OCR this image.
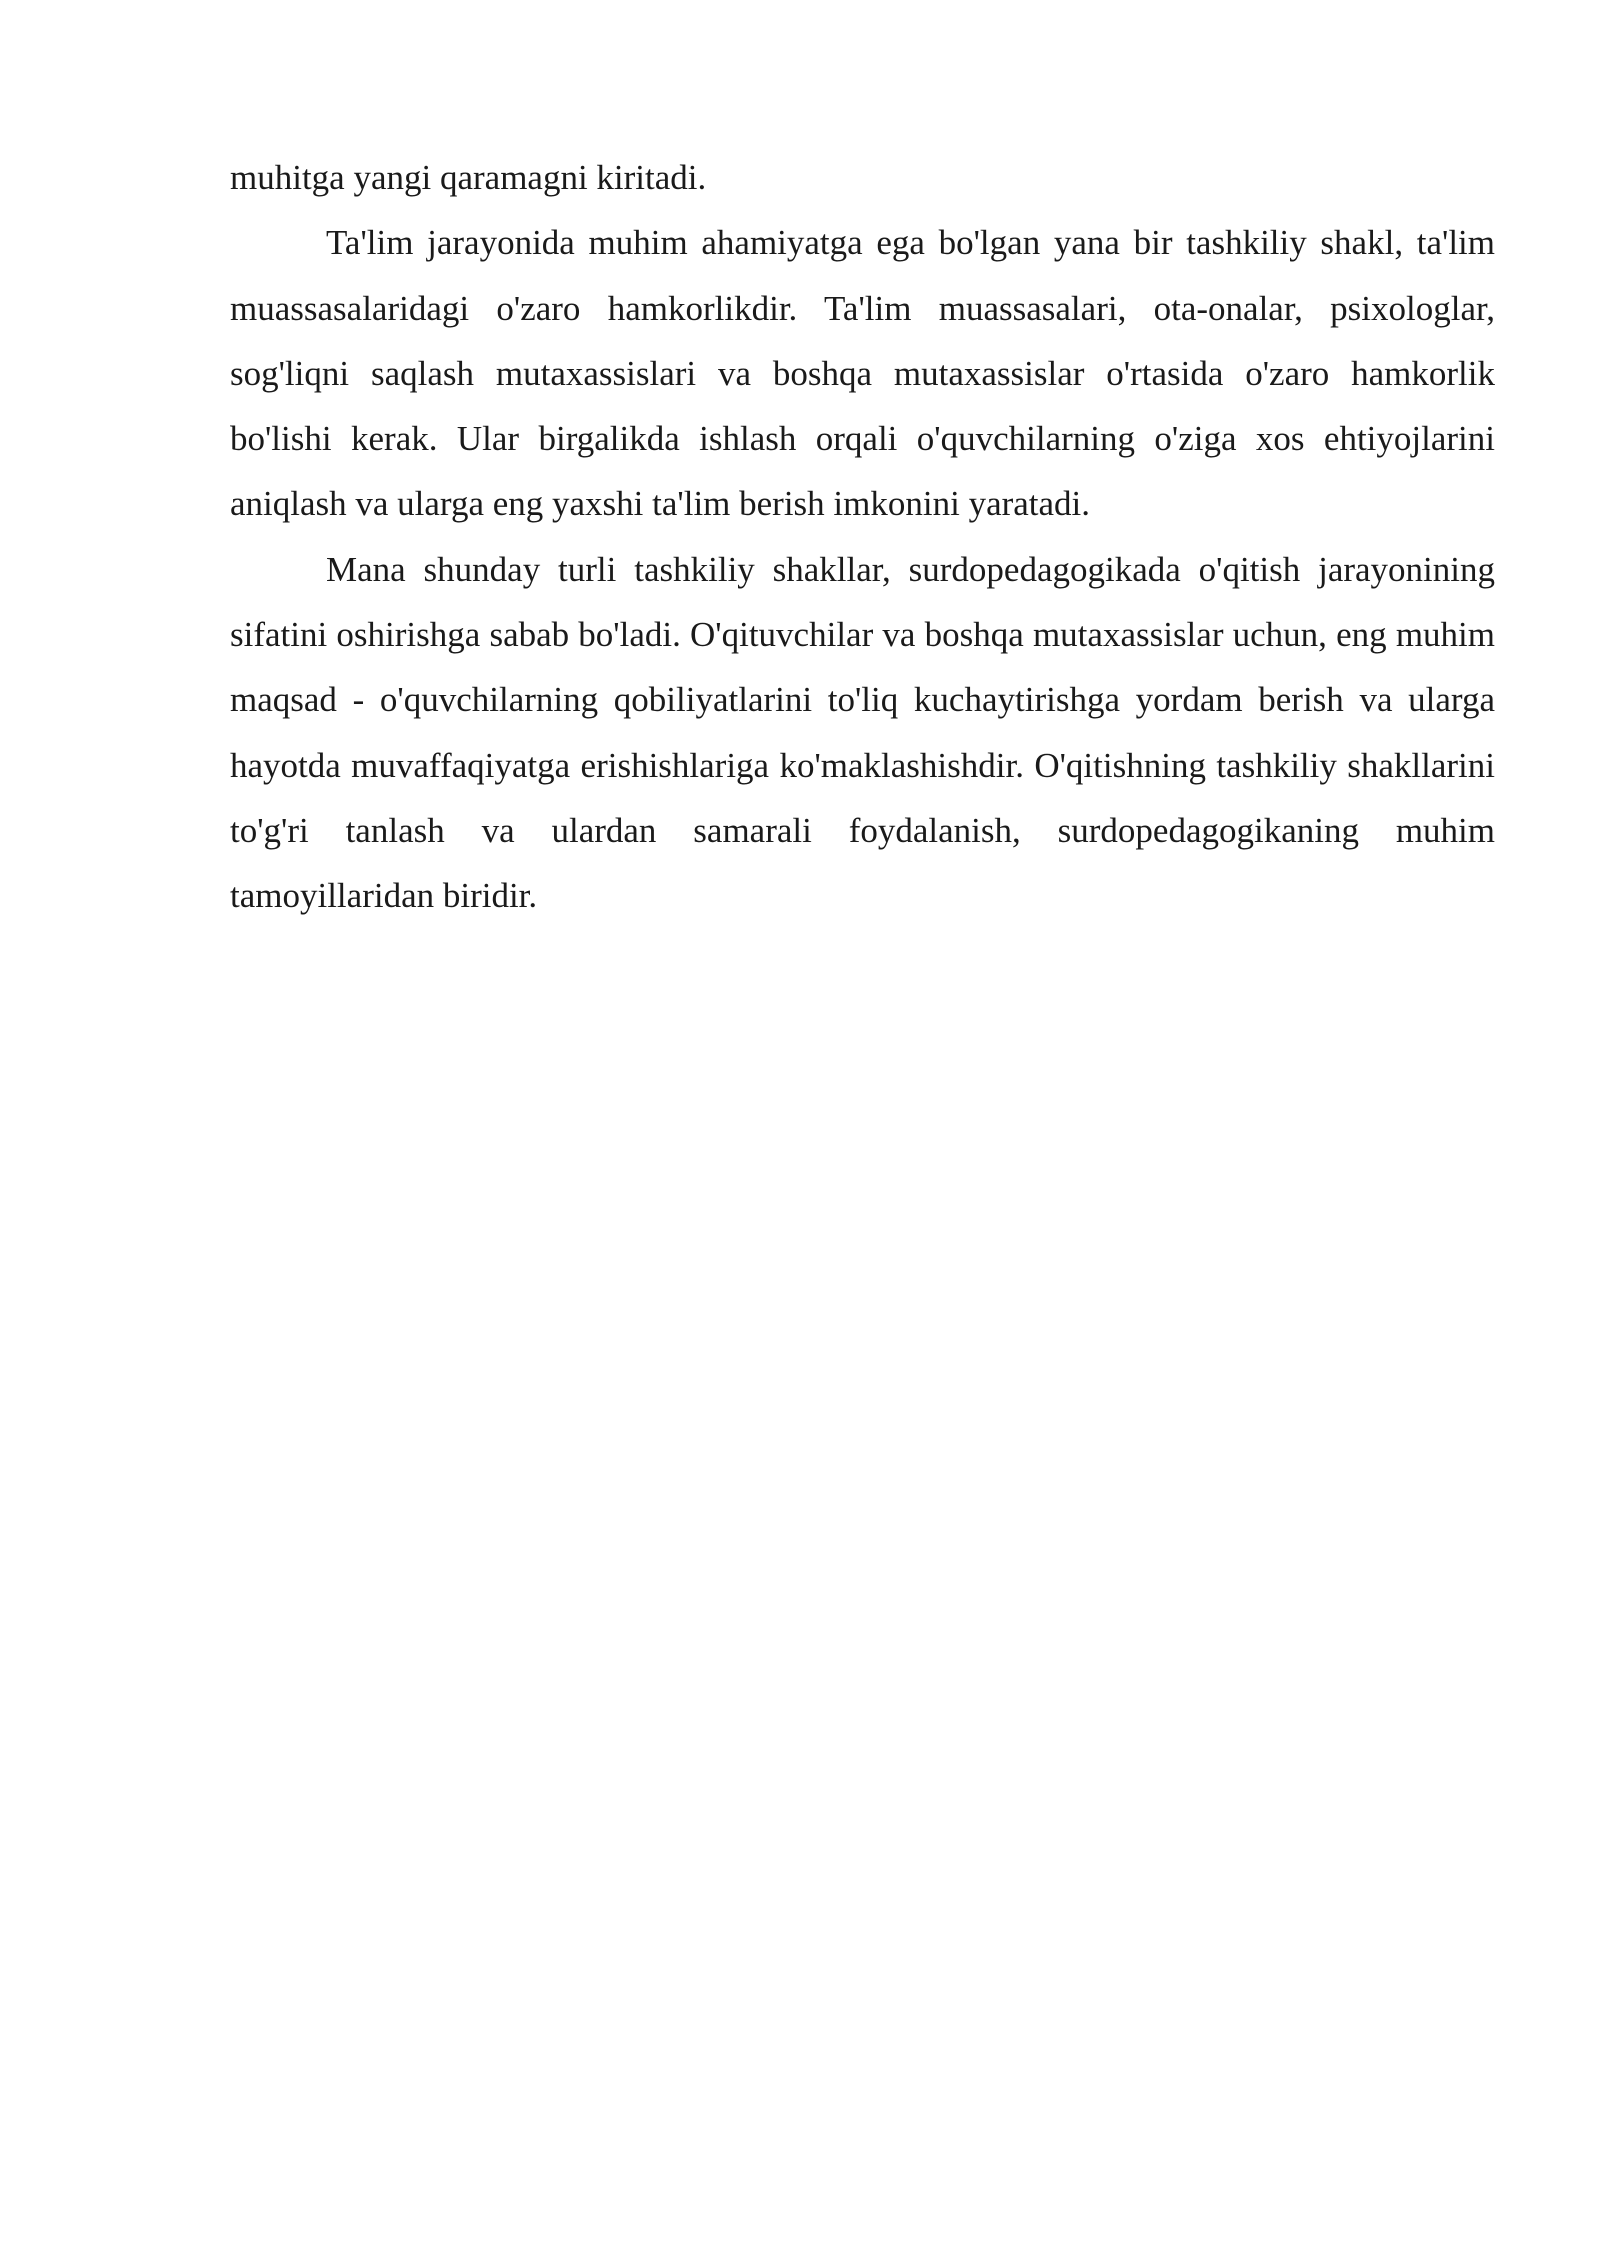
muhitga yangi qaramagni kiritadi.

Ta'lim jarayonida muhim ahamiyatga ega bo'lgan yana bir tashkiliy shakl, ta'lim muassasalaridagi o'zaro hamkorlikdir. Ta'lim muassasalari, ota-onalar, psixologlar, sog'liqni saqlash mutaxassislari va boshqa mutaxassislar o'rtasida o'zaro hamkorlik bo'lishi kerak. Ular birgalikda ishlash orqali o'quvchilarning o'ziga xos ehtiyojlarini aniqlash va ularga eng yaxshi ta'lim berish imkonini yaratadi.

Mana shunday turli tashkiliy shakllar, surdopedagogikada o'qitish jarayonining sifatini oshirishga sabab bo'ladi. O'qituvchilar va boshqa mutaxassislar uchun, eng muhim maqsad - o'quvchilarning qobiliyatlarini to'liq kuchaytirishga yordam berish va ularga hayotda muvaffaqiyatga erishishlariga ko'maklashishdir. O'qitishning tashkiliy shakllarini to'g'ri tanlash va ulardan samarali foydalanish, surdopedagogikaning muhim tamoyillaridan biridir.
